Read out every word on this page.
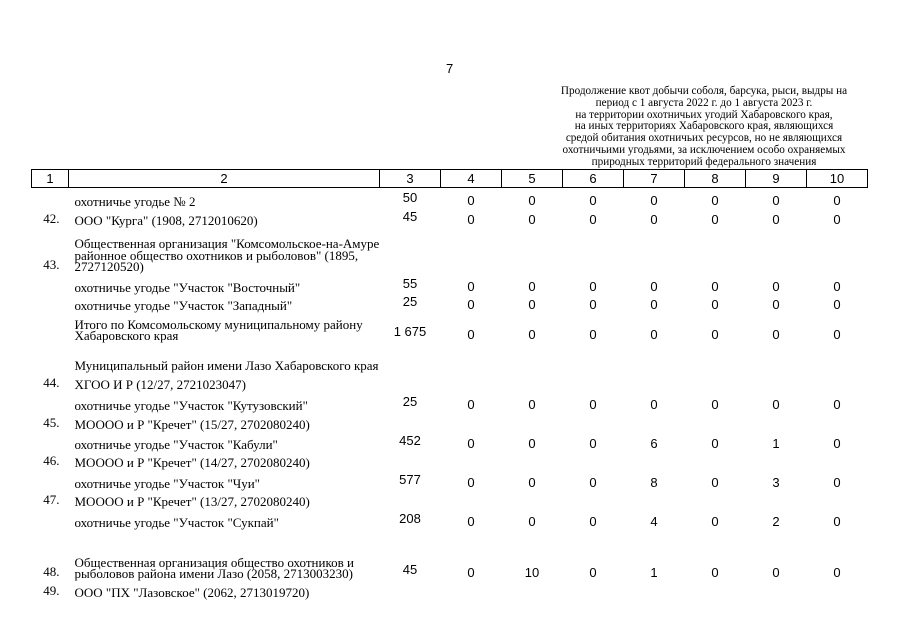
7
Продолжение квот добычи соболя, барсука, рыси, выдры на
период с 1 августа 2022 г. до 1 августа 2023 г.
на территории охотничьих угодий Хабаровского края,
на иных территориях Хабаровского края, являющихся
средой обитания охотничьих ресурсов, но не являющихся
охотничьими угодьями, за исключением особо охраняемых
природных территорий федерального значения
1	2	3	4	5	6	7	8	9	10
	охотничье угодье № 2	50	0	0	0	0	0	0	0
42.	ООО "Курга" (1908, 2712010620)	45	0	0	0	0	0	0	0
43.	Общественная организация "Комсомольское-на-Амуре районное общество охотников и рыболовов" (1895, 2727120520)								
	охотничье угодье "Участок "Восточный"	55	0	0	0	0	0	0	0
	охотничье угодье "Участок "Западный"	25	0	0	0	0	0	0	0
	Итого по Комсомольскому муниципальному району Хабаровского края	1 675	0	0	0	0	0	0	0
	Муниципальный район имени Лазо Хабаровского края								
44.	ХГОО И Р (12/27, 2721023047)								
	охотничье угодье "Участок "Кутузовский"	25	0	0	0	0	0	0	0
45.	МООOO и Р "Кречет" (15/27, 2702080240)								
	охотничье угодье "Участок "Кабули"	452	0	0	0	6	0	1	0
46.	МОООО и Р "Кречет" (14/27, 2702080240)								
	охотничье угодье "Участок "Чуи"	577	0	0	0	8	0	3	0
47.	МОООО и Р "Кречет" (13/27, 2702080240)								
	охотничье угодье "Участок "Сукпай"	208	0	0	0	4	0	2	0
48.	Общественная организация общество охотников и рыболовов района имени Лазо (2058, 2713003230)	45	0	10	0	1	0	0	0
49.	ООО "ПХ "Лазовское" (2062, 2713019720)								
